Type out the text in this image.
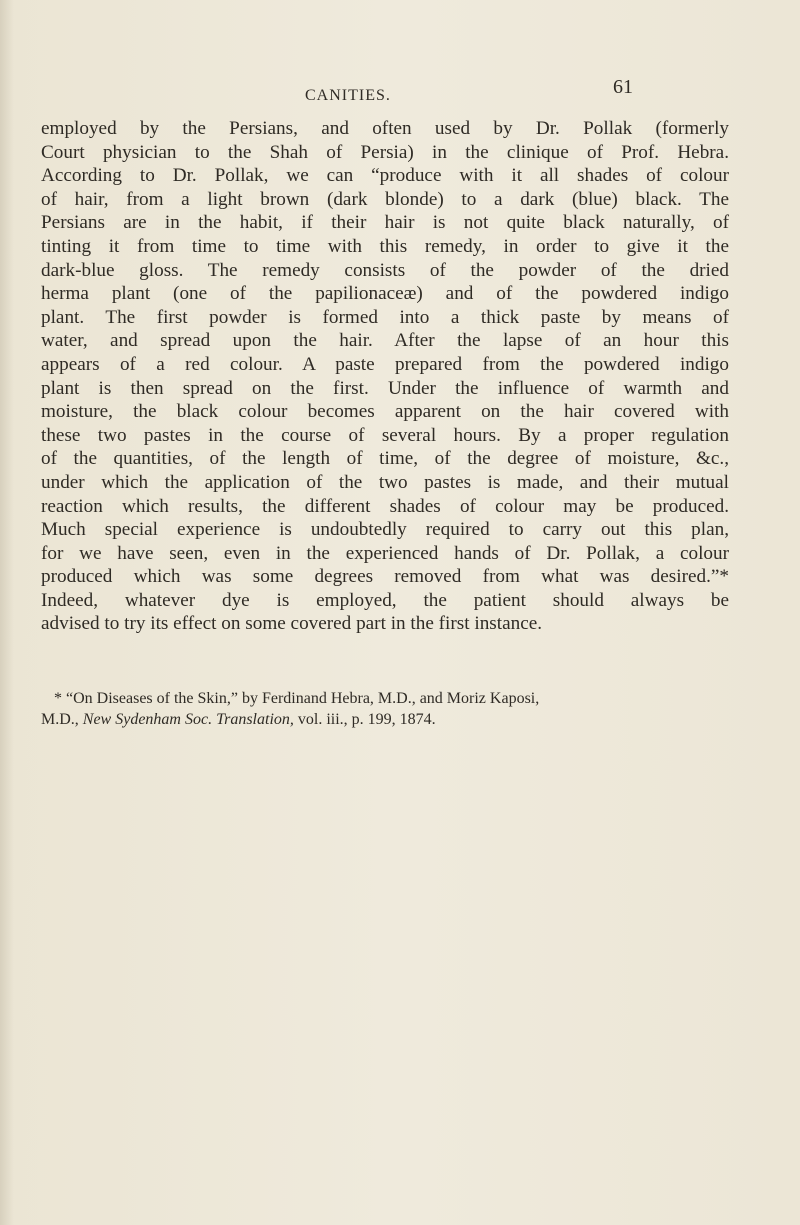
CANITIES.	61
employed by the Persians, and often used by Dr. Pollak (formerly
Court physician to the Shah of Persia) in the clinique of Prof. Hebra.
According to Dr. Pollak, we can “produce with it all shades of colour
of hair, from a light brown (dark blonde) to a dark (blue) black. The
Persians are in the habit, if their hair is not quite black naturally, of
tinting it from time to time with this remedy, in order to give it the
dark-blue gloss. The remedy consists of the powder of the dried
herma plant (one of the papilionaceæ) and of the powdered indigo
plant. The first powder is formed into a thick paste by means of
water, and spread upon the hair. After the lapse of an hour this
appears of a red colour. A paste prepared from the powdered indigo
plant is then spread on the first. Under the influence of warmth and
moisture, the black colour becomes apparent on the hair covered with
these two pastes in the course of several hours. By a proper regulation
of the quantities, of the length of time, of the degree of moisture, &c.,
under which the application of the two pastes is made, and their mutual
reaction which results, the different shades of colour may be produced.
Much special experience is undoubtedly required to carry out this plan,
for we have seen, even in the experienced hands of Dr. Pollak, a colour
produced which was some degrees removed from what was desired.”*
Indeed, whatever dye is employed, the patient should always be
advised to try its effect on some covered part in the first instance.
* “On Diseases of the Skin,” by Ferdinand Hebra, M.D., and Moriz Kaposi,
M.D., New Sydenham Soc. Translation, vol. iii., p. 199, 1874.
